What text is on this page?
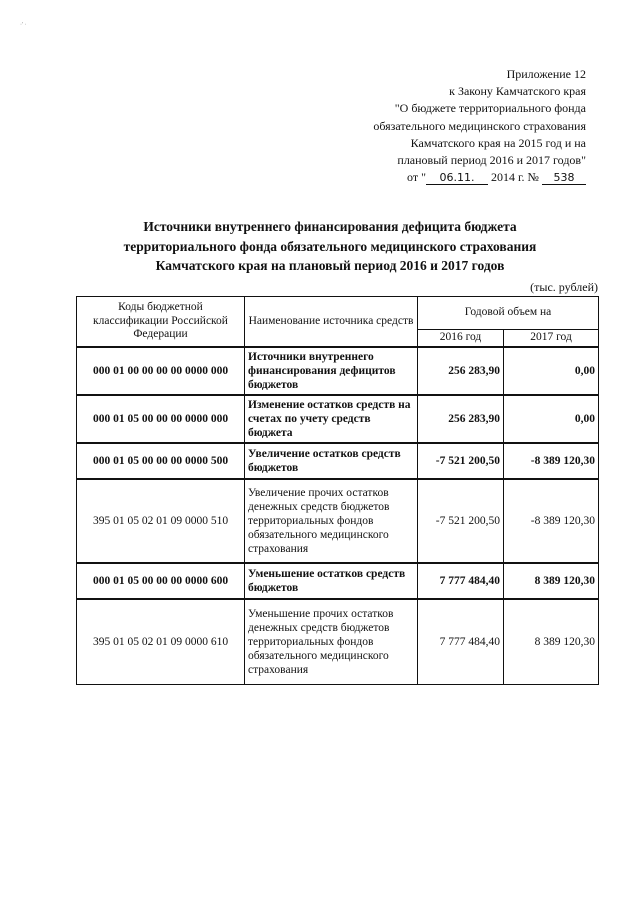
·' ·
Приложение 12
к Закону Камчатского края
"О бюджете территориального фонда
обязательного медицинского страхования
Камчатского края на 2015 год и на
плановый период 2016 и 2017 годов"
от " 06.11. 2014 г. № 538
Источники внутреннего финансирования дефицита бюджета
территориального фонда обязательного медицинского страхования
Камчатского края на плановый период 2016 и 2017 годов
(тыс. рублей)
Коды бюджетной классификации Российской Федерации	Наименование источника средств	Годовой объем на	
		2016 год	2017 год
000 01 00 00 00 00 0000 000	Источники внутреннего финансирования дефицитов бюджетов	256 283,90	0,00
000 01 05 00 00 00 0000 000	Изменение остатков средств на счетах по учету средств бюджета	256 283,90	0,00
000 01 05 00 00 00 0000 500	Увеличение остатков средств бюджетов	-7 521 200,50	-8 389 120,30
395 01 05 02 01 09 0000 510	Увеличение прочих остатков денежных средств бюджетов территориальных фондов обязательного медицинского страхования	-7 521 200,50	-8 389 120,30
000 01 05 00 00 00 0000 600	Уменьшение остатков средств бюджетов	7 777 484,40	8 389 120,30
395 01 05 02 01 09 0000 610	Уменьшение прочих остатков денежных средств бюджетов территориальных фондов обязательного медицинского страхования	7 777 484,40	8 389 120,30
